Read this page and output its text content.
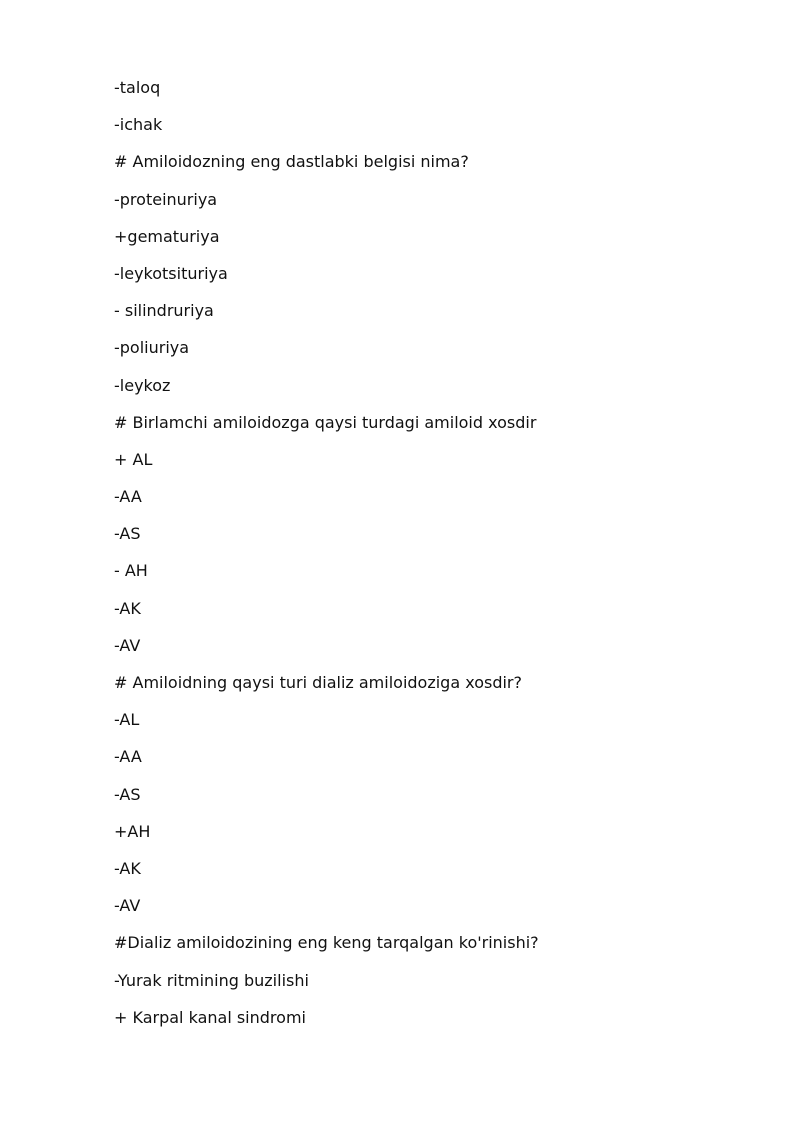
-taloq
-ichak
# Amiloidozning eng dastlabki belgisi nima?
-proteinuriya
+gematuriya
-leykotsituriya
- silindruriya
-poliuriya
-leykoz
# Birlamchi amiloidozga qaysi turdagi amiloid xosdir
+ AL
-AA
-AS
- AH
-AK
-AV
# Amiloidning qaysi turi dializ amiloidoziga xosdir?
-AL
-AA
-AS
+AH
-AK
-AV
#Dializ amiloidozining eng keng tarqalgan ko'rinishi?
-Yurak ritmining buzilishi
+ Karpal kanal sindromi
